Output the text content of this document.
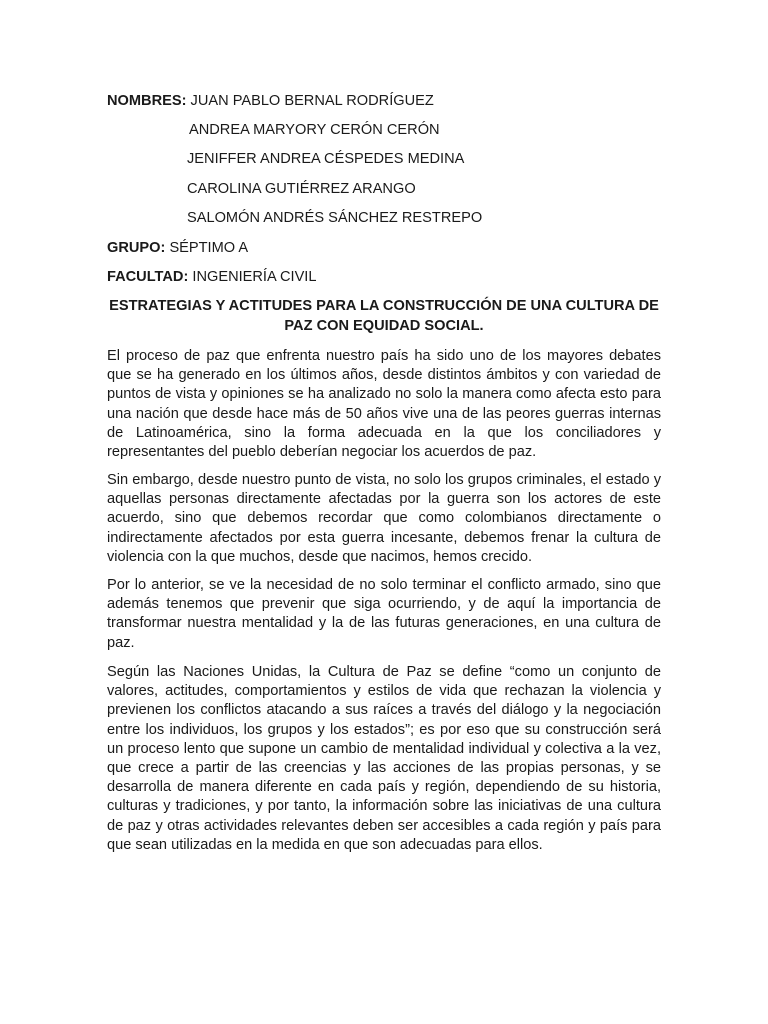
NOMBRES: JUAN PABLO BERNAL RODRÍGUEZ
ANDREA MARYORY CERÓN CERÓN
JENIFFER ANDREA CÉSPEDES MEDINA
CAROLINA GUTIÉRREZ ARANGO
SALOMÓN ANDRÉS SÁNCHEZ RESTREPO
GRUPO: SÉPTIMO A
FACULTAD: INGENIERÍA CIVIL
ESTRATEGIAS Y ACTITUDES PARA LA CONSTRUCCIÓN DE UNA CULTURA DE PAZ CON EQUIDAD SOCIAL.

El proceso de paz que enfrenta nuestro país ha sido uno de los mayores debates que se ha generado en los últimos años, desde distintos ámbitos y con variedad de puntos de vista y opiniones se ha analizado no solo la manera como afecta esto para una nación que desde hace más de 50 años vive una de las peores guerras internas de Latinoamérica, sino la forma adecuada en la que los conciliadores y representantes del pueblo deberían negociar los acuerdos de paz.

Sin embargo, desde nuestro punto de vista, no solo los grupos criminales, el estado y aquellas personas directamente afectadas por la guerra son los actores de este acuerdo, sino que debemos recordar que como colombianos directamente o indirectamente afectados por esta guerra incesante, debemos frenar la cultura de violencia con la que muchos, desde que nacimos, hemos crecido.

Por lo anterior, se ve la necesidad de no solo terminar el conflicto armado, sino que además tenemos que prevenir que siga ocurriendo, y de aquí la importancia de transformar nuestra mentalidad y la de las futuras generaciones, en una cultura de paz.

Según las Naciones Unidas, la Cultura de Paz se define “como un conjunto de valores, actitudes, comportamientos y estilos de vida que rechazan la violencia y previenen los conflictos atacando a sus raíces a través del diálogo y la negociación entre los individuos, los grupos y los estados”; es por eso que su construcción será un proceso lento que supone un cambio de mentalidad individual y colectiva a la vez, que crece a partir de las creencias y las acciones de las propias personas, y se desarrolla de manera diferente en cada país y región, dependiendo de su historia, culturas y tradiciones, y por tanto, la información sobre las iniciativas de una cultura de paz y otras actividades relevantes deben ser accesibles a cada región y país para que sean utilizadas en la medida en que son adecuadas para ellos.
